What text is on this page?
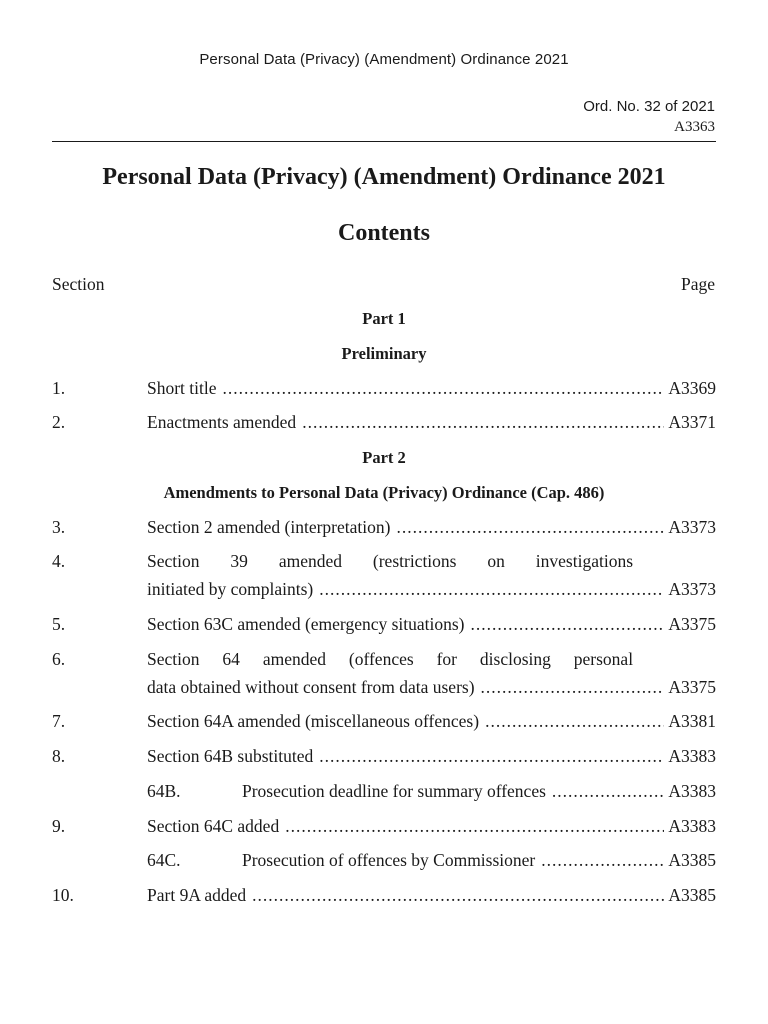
Personal Data (Privacy) (Amendment) Ordinance 2021
Ord. No. 32 of 2021
A3363
Personal Data (Privacy) (Amendment) Ordinance 2021
Contents
Section	Page
Part 1
Preliminary
1.	Short title .....	A3369
2.	Enactments amended .....	A3371
Part 2
Amendments to Personal Data (Privacy) Ordinance (Cap. 486)
3.	Section 2 amended (interpretation) .....	A3373
4.	Section 39 amended (restrictions on investigations
initiated by complaints) .....	A3373
5.	Section 63C amended (emergency situations) .....	A3375
6.	Section 64 amended (offences for disclosing personal
data obtained without consent from data users) .....	A3375
7.	Section 64A amended (miscellaneous offences) .....	A3381
8.	Section 64B substituted .....	A3383
64B.	Prosecution deadline for summary offences .....	A3383
9.	Section 64C added .....	A3383
64C.	Prosecution of offences by Commissioner .....	A3385
10.	Part 9A added .....	A3385
